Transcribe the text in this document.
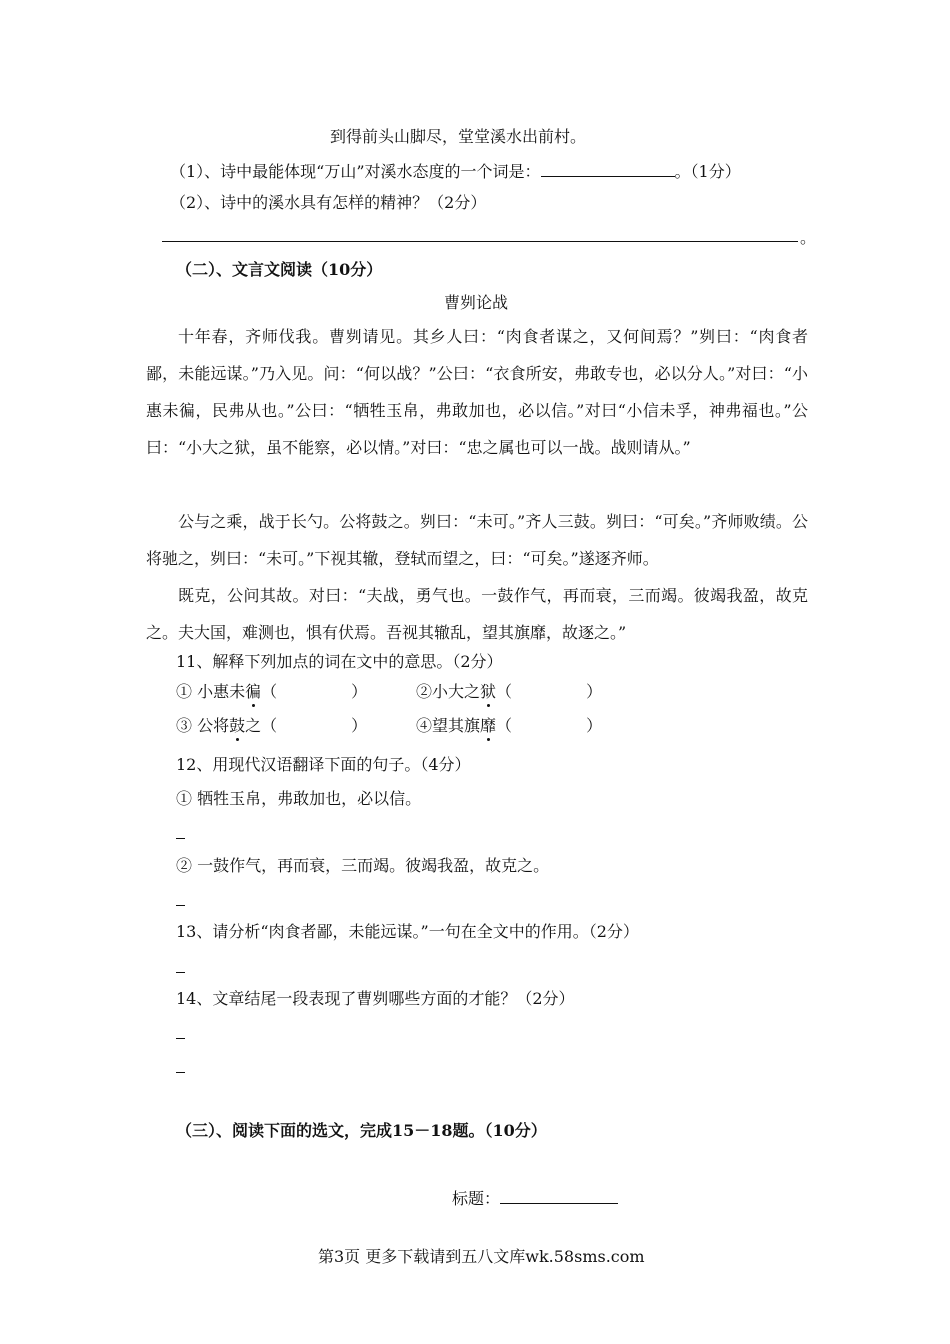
到得前头山脚尽，堂堂溪水出前村。
（1）、诗中最能体现“万山”对溪水态度的一个词是：	。（1分）
（2）、诗中的溪水具有怎样的精神？（2分）
。
（二）、文言文阅读（10分）
曹刿论战
十年春，齐师伐我。曹刿请见。其乡人曰：“肉食者谋之，又何间焉？”刿曰：“肉食者鄙，未能远谋。”乃入见。问：“何以战？”公曰：“衣食所安，弗敢专也，必以分人。”对曰：“小惠未徧，民弗从也。”公曰：“牺牲玉帛，弗敢加也，必以信。”对曰“小信未孚，神弗福也。”公曰：“小大之狱，虽不能察，必以情。”对曰：“忠之属也可以一战。战则请从。”
公与之乘，战于长勺。公将鼓之。刿曰：“未可。”齐人三鼓。刿曰：“可矣。”齐师败绩。公将驰之，刿曰：“未可。”下视其辙，登轼而望之，曰：“可矣。”遂逐齐师。
既克，公问其故。对曰：“夫战，勇气也。一鼓作气，再而衰，三而竭。彼竭我盈，故克之。夫大国，难测也，惧有伏焉。吾视其辙乱，望其旗靡，故逐之。”
11、解释下列加点的词在文中的意思。（2分）
① 小惠未徧（	）	②小大之狱（	）
③ 公将鼓之（	）	④望其旗靡（	）
12、用现代汉语翻译下面的句子。（4分）
① 牺牲玉帛，弗敢加也，必以信。
② 一鼓作气，再而衰，三而竭。彼竭我盈，故克之。
13、请分析“肉食者鄙，未能远谋。”一句在全文中的作用。（2分）
14、文章结尾一段表现了曹刿哪些方面的才能？（2分）
（三）、阅读下面的选文，完成15－18题。（10分）
标题：
第3页 更多下载请到五八文库wk.58sms.com
